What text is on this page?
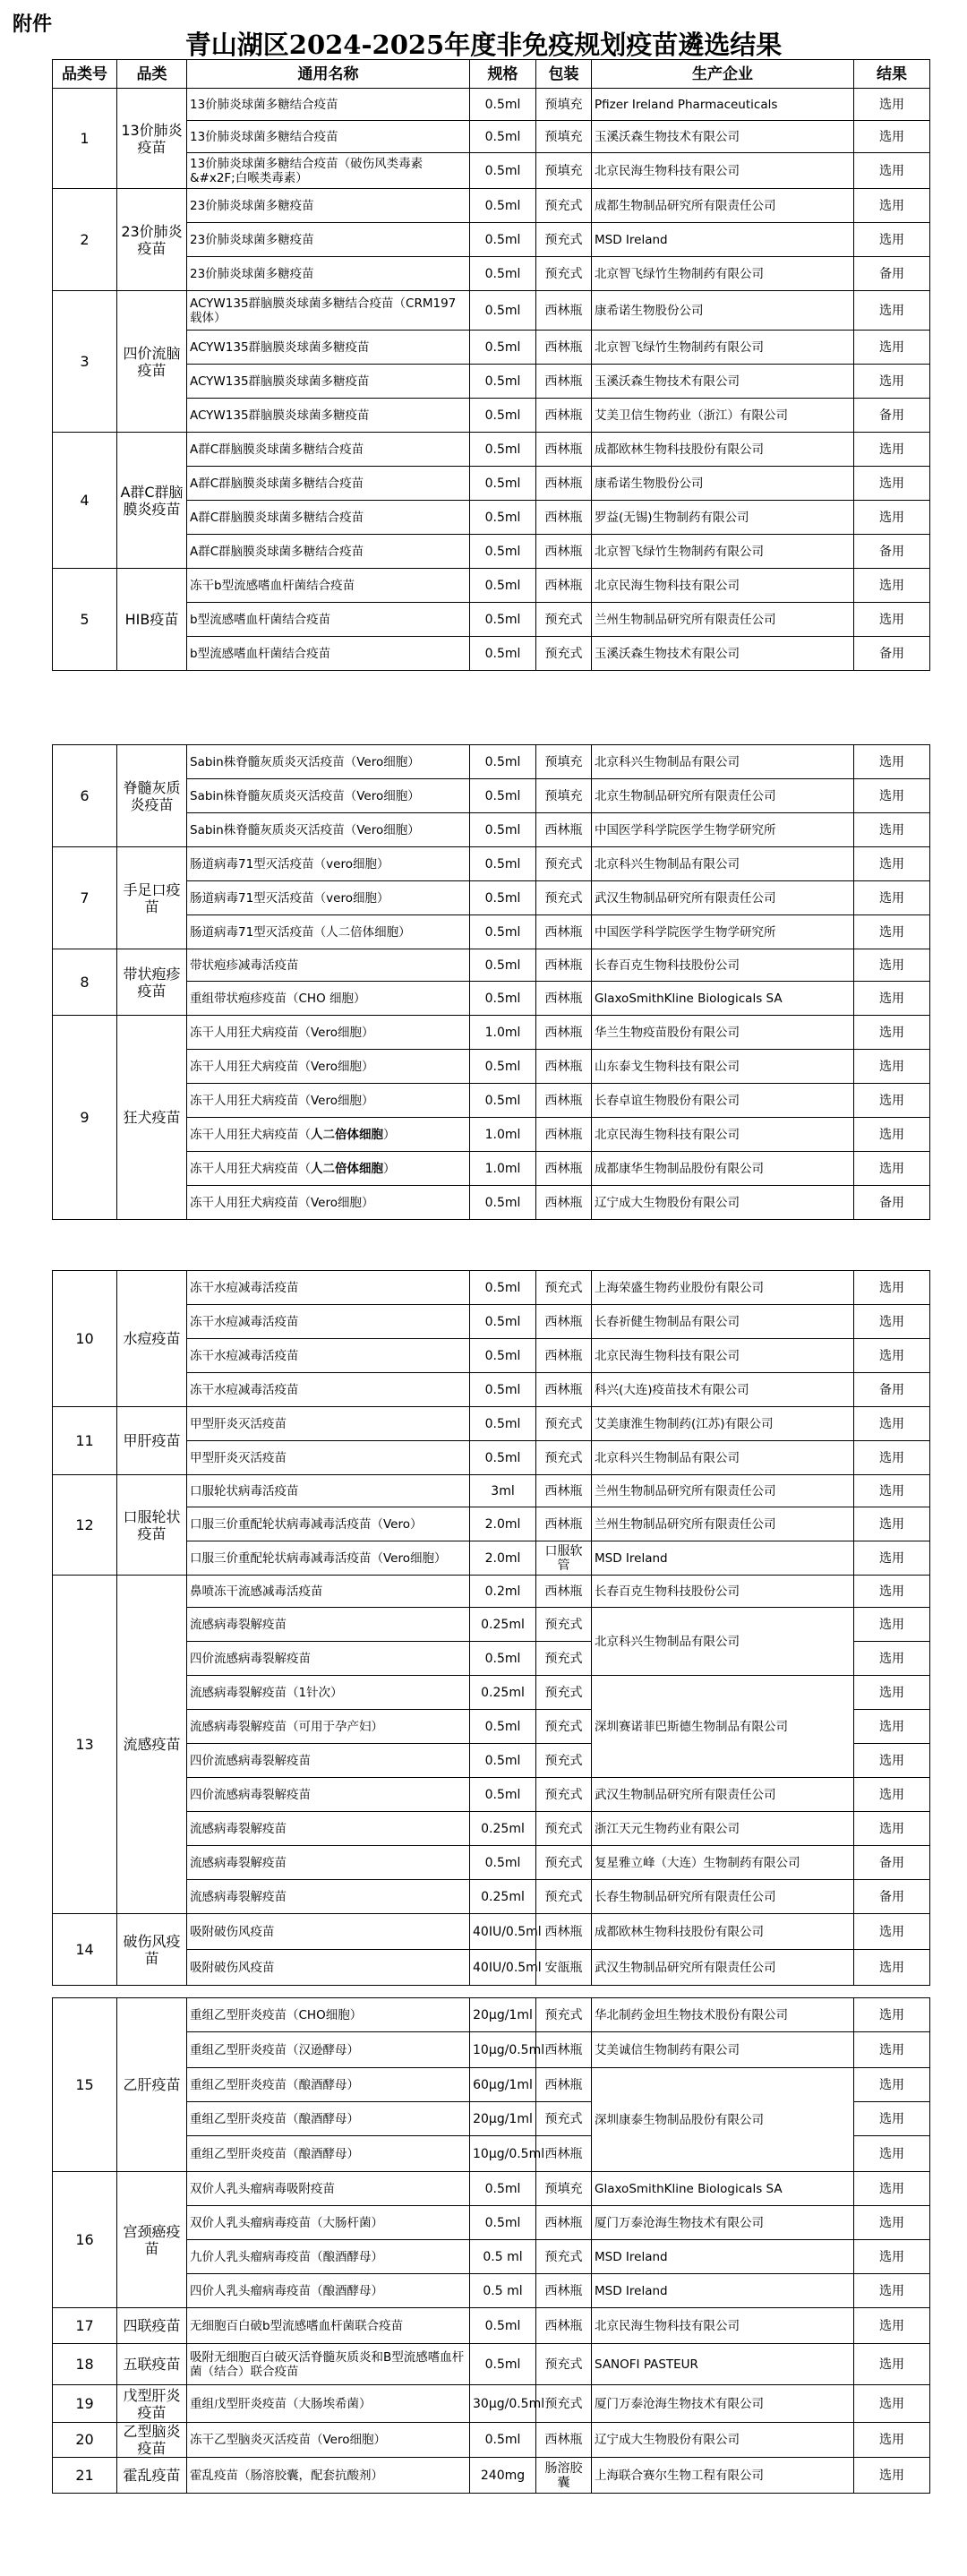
附件
青山湖区2024-2025年度非免疫规划疫苗遴选结果
品类号	品类	通用名称	规格	包装	生产企业	结果
1	13价肺炎疫苗	13价肺炎球菌多糖结合疫苗	0.5ml	预填充	Pfizer Ireland Pharmaceuticals	选用
		13价肺炎球菌多糖结合疫苗	0.5ml	预填充	玉溪沃森生物技术有限公司	选用
		13价肺炎球菌多糖结合疫苗（破伤风类毒素&#x2F;白喉类毒素）	0.5ml	预填充	北京民海生物科技有限公司	选用
2	23价肺炎疫苗	23价肺炎球菌多糖疫苗	0.5ml	预充式	成都生物制品研究所有限责任公司	选用
		23价肺炎球菌多糖疫苗	0.5ml	预充式	MSD Ireland	选用
		23价肺炎球菌多糖疫苗	0.5ml	预充式	北京智飞绿竹生物制药有限公司	备用
3	四价流脑疫苗	ACYW135群脑膜炎球菌多糖结合疫苗（CRM197载体）	0.5ml	西林瓶	康希诺生物股份公司	选用
		ACYW135群脑膜炎球菌多糖疫苗	0.5ml	西林瓶	北京智飞绿竹生物制药有限公司	选用
		ACYW135群脑膜炎球菌多糖疫苗	0.5ml	西林瓶	玉溪沃森生物技术有限公司	选用
		ACYW135群脑膜炎球菌多糖疫苗	0.5ml	西林瓶	艾美卫信生物药业（浙江）有限公司	备用
4	A群C群脑膜炎疫苗	A群C群脑膜炎球菌多糖结合疫苗	0.5ml	西林瓶	成都欧林生物科技股份有限公司	选用
		A群C群脑膜炎球菌多糖结合疫苗	0.5ml	西林瓶	康希诺生物股份公司	选用
		A群C群脑膜炎球菌多糖结合疫苗	0.5ml	西林瓶	罗益(无锡)生物制药有限公司	选用
		A群C群脑膜炎球菌多糖结合疫苗	0.5ml	西林瓶	北京智飞绿竹生物制药有限公司	备用
5	HIB疫苗	冻干b型流感嗜血杆菌结合疫苗	0.5ml	西林瓶	北京民海生物科技有限公司	选用
		b型流感嗜血杆菌结合疫苗	0.5ml	预充式	兰州生物制品研究所有限责任公司	选用
		b型流感嗜血杆菌结合疫苗	0.5ml	预充式	玉溪沃森生物技术有限公司	备用
6	脊髓灰质炎疫苗	Sabin株脊髓灰质炎灭活疫苗（Vero细胞）	0.5ml	预填充	北京科兴生物制品有限公司	选用
		Sabin株脊髓灰质炎灭活疫苗（Vero细胞）	0.5ml	预填充	北京生物制品研究所有限责任公司	选用
		Sabin株脊髓灰质炎灭活疫苗（Vero细胞）	0.5ml	西林瓶	中国医学科学院医学生物学研究所	选用
7	手足口疫苗	肠道病毒71型灭活疫苗（vero细胞）	0.5ml	预充式	北京科兴生物制品有限公司	选用
		肠道病毒71型灭活疫苗（vero细胞）	0.5ml	预充式	武汉生物制品研究所有限责任公司	选用
		肠道病毒71型灭活疫苗（人二倍体细胞）	0.5ml	西林瓶	中国医学科学院医学生物学研究所	选用
8	带状疱疹疫苗	带状疱疹减毒活疫苗	0.5ml	西林瓶	长春百克生物科技股份公司	选用
		重组带状疱疹疫苗（CHO 细胞）	0.5ml	西林瓶	GlaxoSmithKline Biologicals SA	选用
9	狂犬疫苗	冻干人用狂犬病疫苗（Vero细胞）	1.0ml	西林瓶	华兰生物疫苗股份有限公司	选用
		冻干人用狂犬病疫苗（Vero细胞）	0.5ml	西林瓶	山东泰戈生物科技有限公司	选用
		冻干人用狂犬病疫苗（Vero细胞）	0.5ml	西林瓶	长春卓谊生物股份有限公司	选用
		冻干人用狂犬病疫苗（人二倍体细胞）	1.0ml	西林瓶	北京民海生物科技有限公司	选用
		冻干人用狂犬病疫苗（人二倍体细胞）	1.0ml	西林瓶	成都康华生物制品股份有限公司	选用
		冻干人用狂犬病疫苗（Vero细胞）	0.5ml	西林瓶	辽宁成大生物股份有限公司	备用
10	水痘疫苗	冻干水痘减毒活疫苗	0.5ml	预充式	上海荣盛生物药业股份有限公司	选用
		冻干水痘减毒活疫苗	0.5ml	西林瓶	长春祈健生物制品有限公司	选用
		冻干水痘减毒活疫苗	0.5ml	西林瓶	北京民海生物科技有限公司	选用
		冻干水痘减毒活疫苗	0.5ml	西林瓶	科兴(大连)疫苗技术有限公司	备用
11	甲肝疫苗	甲型肝炎灭活疫苗	0.5ml	预充式	艾美康淮生物制药(江苏)有限公司	选用
		甲型肝炎灭活疫苗	0.5ml	预充式	北京科兴生物制品有限公司	选用
12	口服轮状疫苗	口服轮状病毒活疫苗	3ml	西林瓶	兰州生物制品研究所有限责任公司	选用
		口服三价重配轮状病毒减毒活疫苗（Vero）	2.0ml	西林瓶	兰州生物制品研究所有限责任公司	选用
		口服三价重配轮状病毒减毒活疫苗（Vero细胞）	2.0ml	口服软管	MSD Ireland	选用
13	流感疫苗	鼻喷冻干流感减毒活疫苗	0.2ml	西林瓶	长春百克生物科技股份公司	选用
		流感病毒裂解疫苗	0.25ml	预充式	北京科兴生物制品有限公司	选用
		四价流感病毒裂解疫苗	0.5ml	预充式		选用
		流感病毒裂解疫苗（1针次）	0.25ml	预充式	深圳赛诺菲巴斯德生物制品有限公司	选用
		流感病毒裂解疫苗（可用于孕产妇）	0.5ml	预充式		选用
		四价流感病毒裂解疫苗	0.5ml	预充式		选用
		四价流感病毒裂解疫苗	0.5ml	预充式	武汉生物制品研究所有限责任公司	选用
		流感病毒裂解疫苗	0.25ml	预充式	浙江天元生物药业有限公司	选用
		流感病毒裂解疫苗	0.5ml	预充式	复星雅立峰（大连）生物制药有限公司	备用
		流感病毒裂解疫苗	0.25ml	预充式	长春生物制品研究所有限责任公司	备用
14	破伤风疫苗	吸附破伤风疫苗	40IU/0.5ml	西林瓶	成都欧林生物科技股份有限公司	选用
		吸附破伤风疫苗	40IU/0.5ml	安瓿瓶	武汉生物制品研究所有限责任公司	选用
15	乙肝疫苗	重组乙型肝炎疫苗（CHO细胞）	20μg/1ml	预充式	华北制药金坦生物技术股份有限公司	选用
		重组乙型肝炎疫苗（汉逊酵母）	10μg/0.5ml	西林瓶	艾美诚信生物制药有限公司	选用
		重组乙型肝炎疫苗（酿酒酵母）	60μg/1ml	西林瓶	深圳康泰生物制品股份有限公司	选用
		重组乙型肝炎疫苗（酿酒酵母）	20μg/1ml	预充式		选用
		重组乙型肝炎疫苗（酿酒酵母）	10μg/0.5ml	西林瓶		选用
16	宫颈癌疫苗	双价人乳头瘤病毒吸附疫苗	0.5ml	预填充	GlaxoSmithKline Biologicals SA	选用
		双价人乳头瘤病毒疫苗（大肠杆菌）	0.5ml	西林瓶	厦门万泰沧海生物技术有限公司	选用
		九价人乳头瘤病毒疫苗（酿酒酵母）	0.5 ml	预充式	MSD Ireland	选用
		四价人乳头瘤病毒疫苗（酿酒酵母）	0.5 ml	西林瓶	MSD Ireland	选用
17	四联疫苗	无细胞百白破b型流感嗜血杆菌联合疫苗	0.5ml	西林瓶	北京民海生物科技有限公司	选用
18	五联疫苗	吸附无细胞百白破灭活脊髓灰质炎和B型流感嗜血杆菌（结合）联合疫苗	0.5ml	预充式	SANOFI PASTEUR	选用
19	戊型肝炎疫苗	重组戊型肝炎疫苗（大肠埃希菌）	30μg/0.5ml	预充式	厦门万泰沧海生物技术有限公司	选用
20	乙型脑炎疫苗	冻干乙型脑炎灭活疫苗（Vero细胞）	0.5ml	西林瓶	辽宁成大生物股份有限公司	选用
21	霍乱疫苗	霍乱疫苗（肠溶胶囊，配套抗酸剂）	240mg	肠溶胶囊	上海联合赛尔生物工程有限公司	选用
